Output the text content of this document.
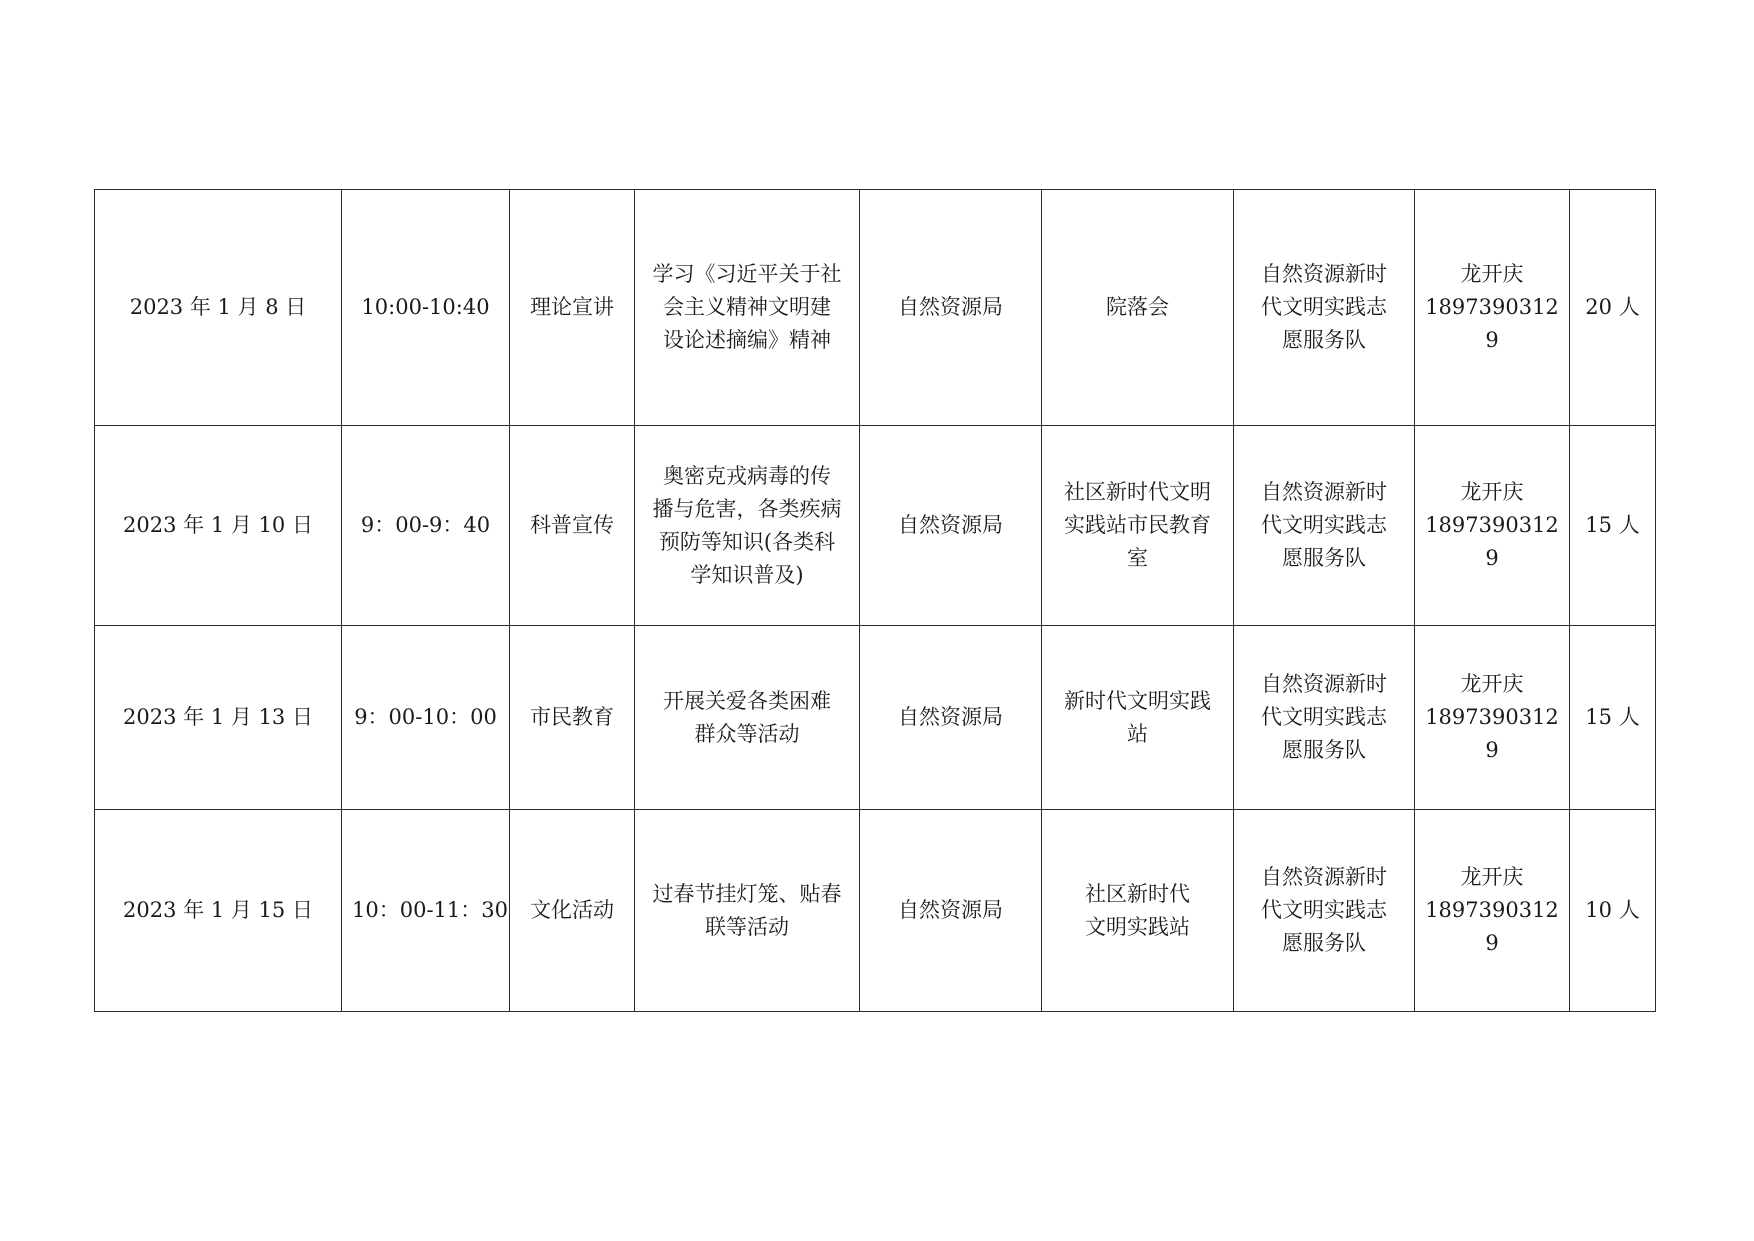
2023 年 1 月 8 日	10:00-10:40	理论宣讲	学习《习近平关于社
会主义精神文明建
设论述摘编》精神	自然资源局	院落会	自然资源新时
代文明实践志
愿服务队	龙开庆
18973903129	20 人
2023 年 1 月 10 日	9：00-9：40	科普宣传	奥密克戎病毒的传
播与危害，各类疾病
预防等知识(各类科
学知识普及)	自然资源局	社区新时代文明
实践站市民教育
室	自然资源新时
代文明实践志
愿服务队	龙开庆
18973903129	15 人
2023 年 1 月 13 日	9：00-10：00	市民教育	开展关爱各类困难
群众等活动	自然资源局	新时代文明实践
站	自然资源新时
代文明实践志
愿服务队	龙开庆
18973903129	15 人
2023 年 1 月 15 日	10：00-11：30	文化活动	过春节挂灯笼、贴春
联等活动	自然资源局	社区新时代
文明实践站	自然资源新时
代文明实践志
愿服务队	龙开庆
18973903129	10 人
